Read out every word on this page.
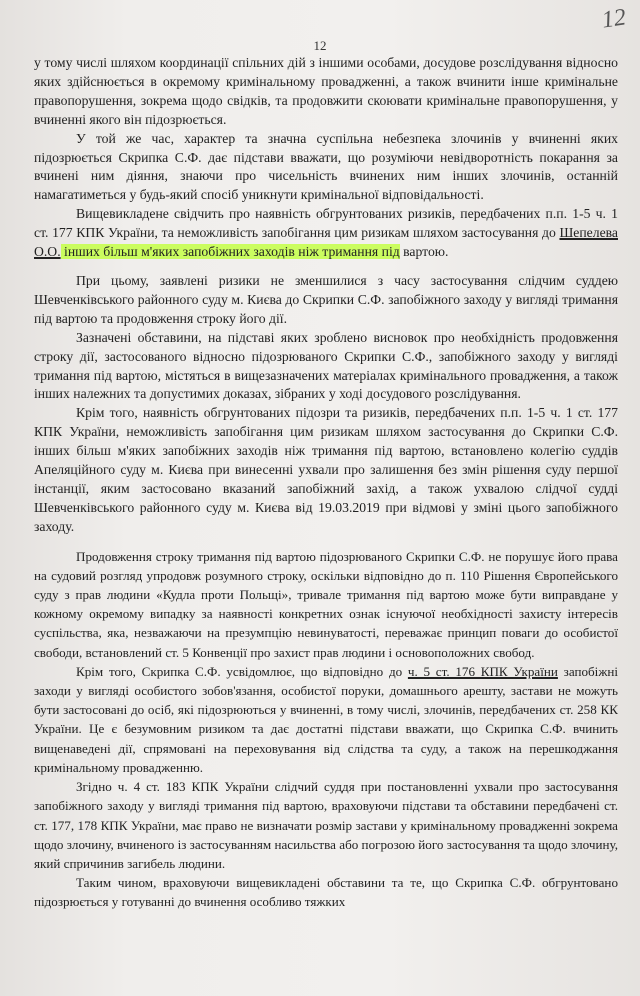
12
12

у тому числі шляхом координації спільних дій з іншими особами, досудове розслідування відносно яких здійснюється в окремому кримінальному провадженні, а також вчинити інше кримінальне правопорушення, зокрема щодо свідків, та продовжити скоювати кримінальне правопорушення, у вчиненні якого він підозрюється.

У той же час, характер та значна суспільна небезпека злочинів у вчиненні яких підозрюється Скрипка С.Ф. дає підстави вважати, що розуміючи невідворотність покарання за вчинені ним діяння, знаючи про чисельність вчинених ним інших злочинів, останній намагатиметься у будь-який спосіб уникнути кримінальної відповідальності.

Вищевикладене свідчить про наявність обгрунтованих ризиків, передбачених п.п. 1-5 ч. 1 ст. 177 КПК України, та неможливість запобігання цим ризикам шляхом застосування до Шепелева О.О. інших більш м'яких запобіжних заходів ніж тримання під вартою.

При цьому, заявлені ризики не зменшилися з часу застосування слідчим суддею Шевченківського районного суду м. Києва до Скрипки С.Ф. запобіжного заходу у вигляді тримання під вартою та продовження строку його дії.

Зазначені обставини, на підставі яких зроблено висновок про необхідність продовження строку дії, застосованого відносно підозрюваного Скрипки С.Ф., запобіжного заходу у вигляді тримання під вартою, містяться в вищезазначених матеріалах кримінального провадження, а також інших належних та допустимих доказах, зібраних у ході досудового розслідування.

Крім того, наявність обгрунтованих підозри та ризиків, передбачених п.п. 1-5 ч. 1 ст. 177 КПК України, неможливість запобігання цим ризикам шляхом застосування до Скрипки С.Ф. інших більш м'яких запобіжних заходів ніж тримання під вартою, встановлено колегію суддів Апеляційного суду м. Києва при винесенні ухвали про залишення без змін рішення суду першої інстанції, яким застосовано вказаний запобіжний захід, а також ухвалою слідчої судді Шевченківського районного суду м. Києва від 19.03.2019 при відмові у зміні цього запобіжного заходу.

Продовження строку тримання під вартою підозрюваного Скрипки С.Ф. не порушує його права на судовий розгляд упродовж розумного строку, оскільки відповідно до п. 110 Рішення Європейського суду з прав людини «Кудла проти Польщі», тривале тримання під вартою може бути виправдане у кожному окремому випадку за наявності конкретних ознак існуючої необхідності захисту інтересів суспільства, яка, незважаючи на презумпцію невинуватості, переважає принцип поваги до особистої свободи, встановлений ст. 5 Конвенції про захист прав людини і основоположних свобод.

Крім того, Скрипка С.Ф. усвідомлює, що відповідно до ч. 5 ст. 176 КПК України запобіжні заходи у вигляді особистого зобов'язання, особистої поруки, домашнього арешту, застави не можуть бути застосовані до осіб, які підозрюються у вчиненні, в тому числі, злочинів, передбачених ст. 258 КК України. Це є безумовним ризиком та дає достатні підстави вважати, що Скрипка С.Ф. вчинить вищенаведені дії, спрямовані на переховування від слідства та суду, а також на перешкоджання кримінальному провадженню.

Згідно ч. 4 ст. 183 КПК України слідчий суддя при постановленні ухвали про застосування запобіжного заходу у вигляді тримання під вартою, враховуючи підстави та обставини передбачені ст. ст. 177, 178 КПК України, має право не визначати розмір застави у кримінальному провадженні зокрема щодо злочину, вчиненого із застосуванням насильства або погрозою його застосування та щодо злочину, який спричинив загибель людини.

Таким чином, враховуючи вищевикладені обставини та те, що Скрипка С.Ф. обгрунтовано підозрюється у готуванні до вчинення особливо тяжких
